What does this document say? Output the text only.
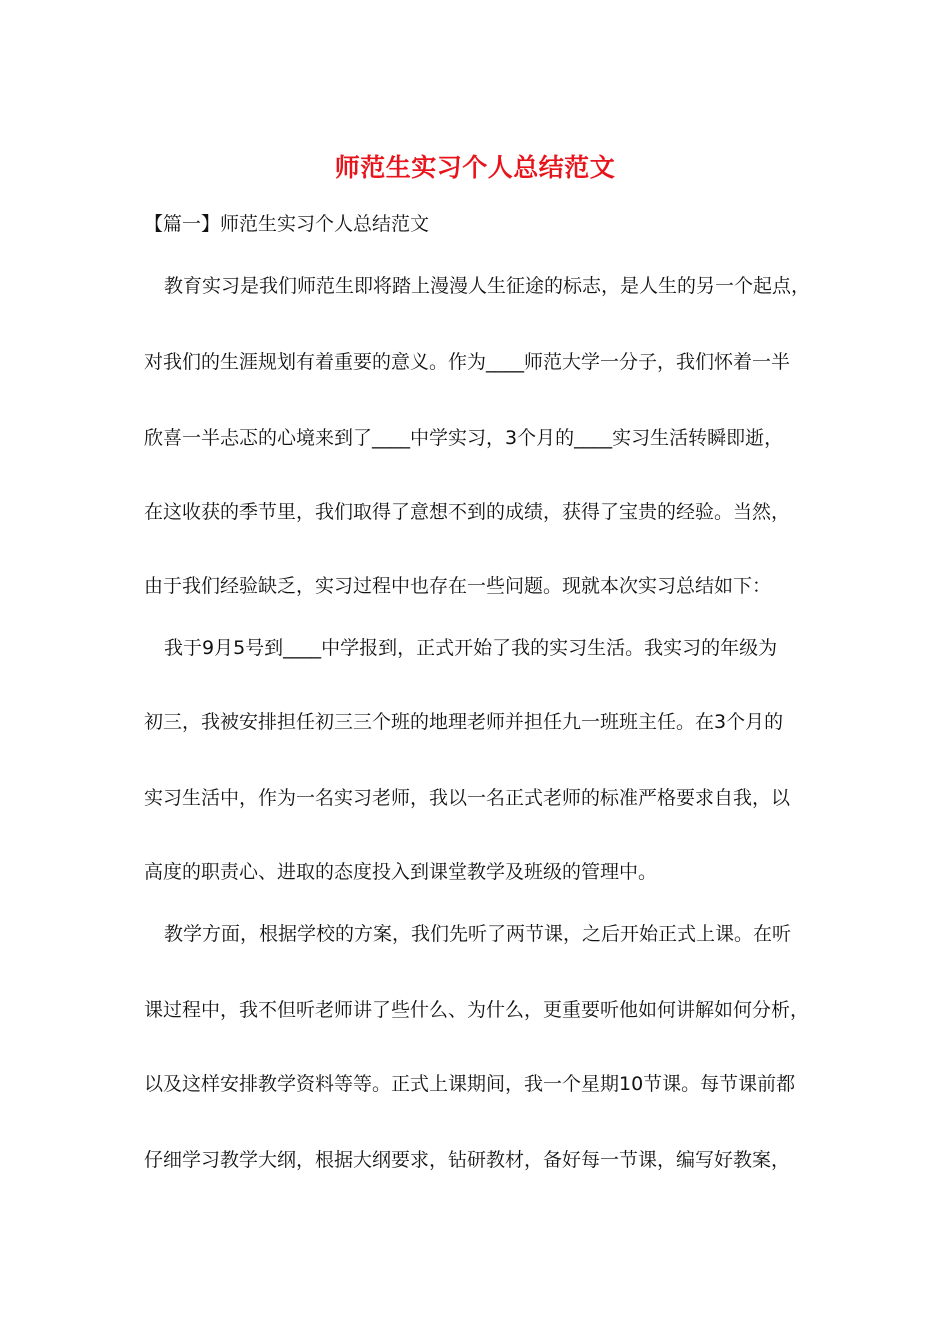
师范生实习个人总结范文
【篇一】师范生实习个人总结范文
教育实习是我们师范生即将踏上漫漫人生征途的标志，是人生的另一个起点，
对我们的生涯规划有着重要的意义。作为____师范大学一分子，我们怀着一半
欣喜一半忐忑的心境来到了____中学实习，3个月的____实习生活转瞬即逝，
在这收获的季节里，我们取得了意想不到的成绩，获得了宝贵的经验。当然，
由于我们经验缺乏，实习过程中也存在一些问题。现就本次实习总结如下：
我于9月5号到____中学报到，正式开始了我的实习生活。我实习的年级为
初三，我被安排担任初三三个班的地理老师并担任九一班班主任。在3个月的
实习生活中，作为一名实习老师，我以一名正式老师的标准严格要求自我，以
高度的职责心、进取的态度投入到课堂教学及班级的管理中。
教学方面，根据学校的方案，我们先听了两节课，之后开始正式上课。在听
课过程中，我不但听老师讲了些什么、为什么，更重要听他如何讲解如何分析，
以及这样安排教学资料等等。正式上课期间，我一个星期10节课。每节课前都
仔细学习教学大纲，根据大纲要求，钻研教材，备好每一节课，编写好教案，
